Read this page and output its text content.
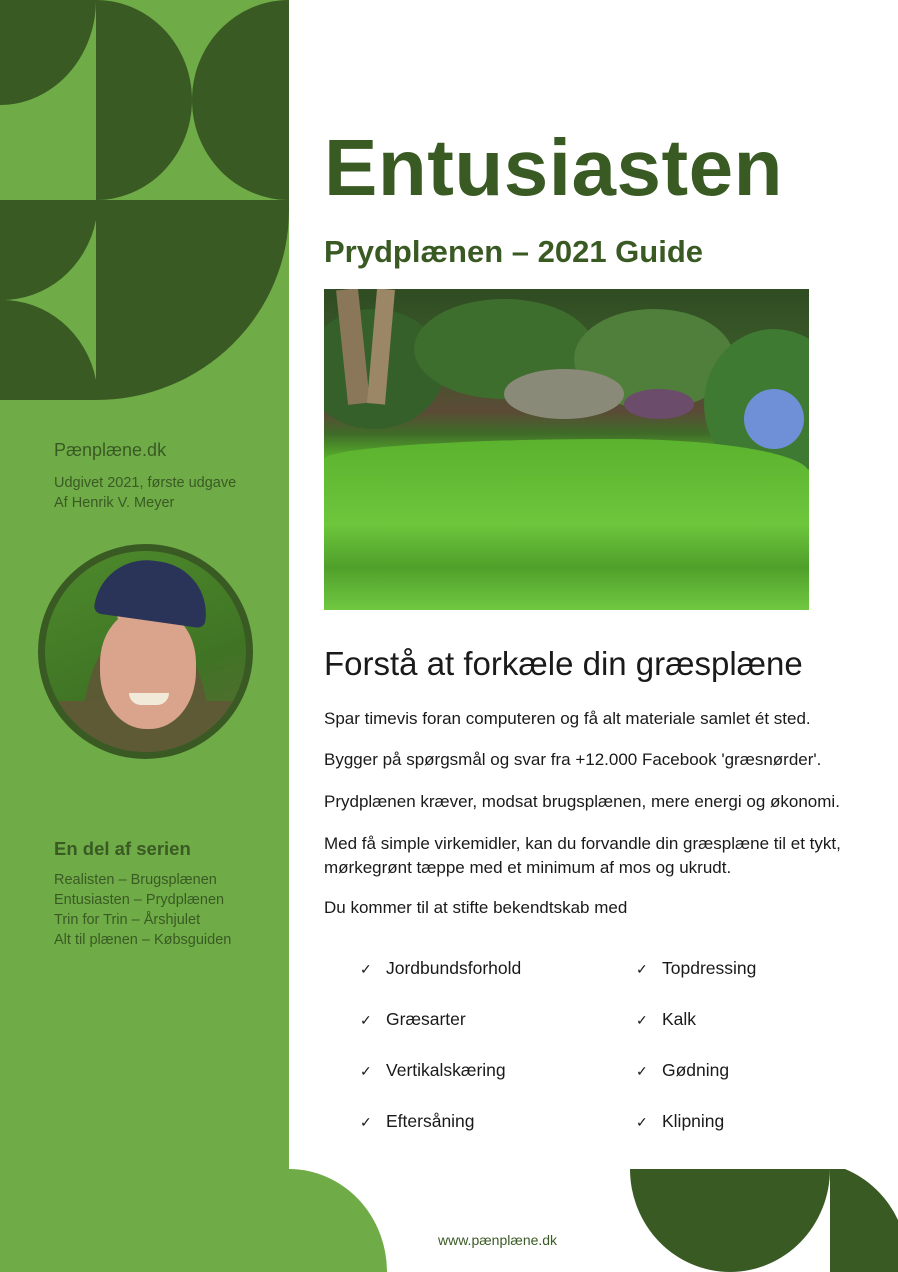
Pænplæne.dk
Udgivet 2021, første udgave
Af Henrik V. Meyer
En del af serien
Realisten – Brugsplænen
Entusiasten – Prydplænen
Trin for Trin – Årshjulet
Alt til plænen – Købsguiden
Entusiasten
Prydplænen – 2021 Guide
Forstå at forkæle din græsplæne
Spar timevis foran computeren og få alt materiale samlet ét sted.
Bygger på spørgsmål og svar fra +12.000 Facebook 'græsnørder'.
Prydplænen kræver, modsat brugsplænen, mere energi og økonomi.
Med få simple virkemidler, kan du forvandle din græsplæne til et tykt, mørkegrønt tæppe med et minimum af mos og ukrudt.
Du kommer til at stifte bekendtskab med
✓ Jordbundsforhold
✓ Græsarter
✓ Vertikalskæring
✓ Eftersåning
✓ Topdressing
✓ Kalk
✓ Gødning
✓ Klipning
www.pænplæne.dk
